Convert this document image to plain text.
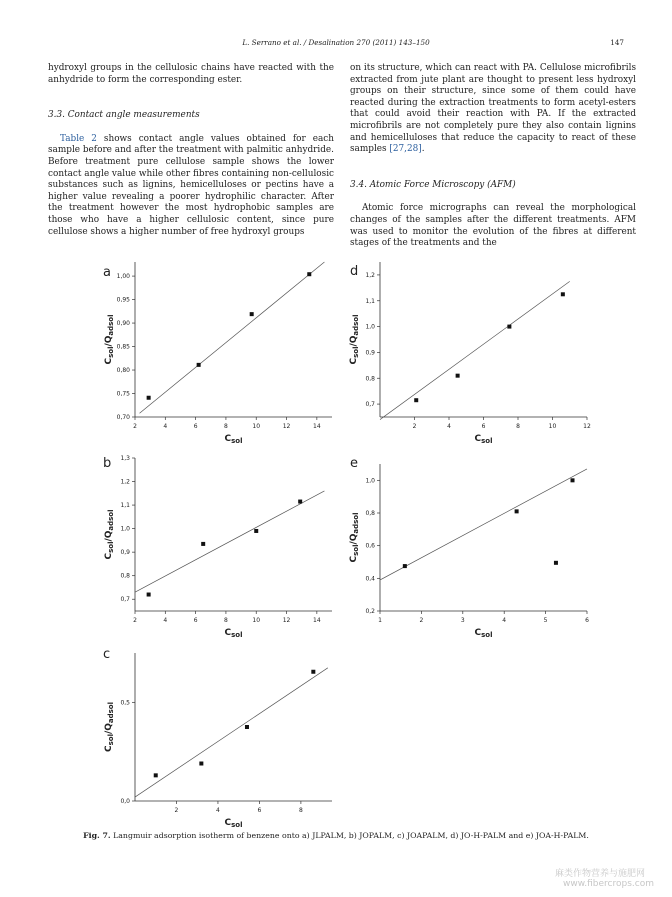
L. Serrano et al. / Desalination 270 (2011) 143–150	147

hydroxyl groups in the cellulosic chains have reacted with the anhydride to form the corresponding ester.

3.3. Contact angle measurements

Table 2 shows contact angle values obtained for each sample before and after the treatment with palmitic anhydride. Before treatment pure cellulose sample shows the lower contact angle value while other fibres containing non-cellulosic substances such as lignins, hemicelluloses or pectins have a higher value revealing a poorer hydrophilic character. After the treatment however the most hydrophobic samples are those who have a higher cellulosic content, since pure cellulose shows a higher number of free hydroxyl groups

on its structure, which can react with PA. Cellulose microfibrils extracted from jute plant are thought to present less hydroxyl groups on their structure, since some of them could have reacted during the extraction treatments to form acetyl-esters that could avoid their reaction with PA. If the extracted microfibrils are not completely pure they also contain lignins and hemicelluloses that reduce the capacity to react of these samples [27,28].

3.4. Atomic Force Microscopy (AFM)

Atomic force micrographs can reveal the morphological changes of the samples after the different treatments. AFM was used to monitor the evolution of the fibres at different stages of the treatments and the

a
2	4	6	8	10	12	14
0,70
0,75
0,80
0,85
0,90
0,95
1,00
$C_{sol}$
$C_{sol}/Q_{adsol}$
b
2	4	6	8	10	12	14
0,7
0,8
0,9
1,0
1,1
1,2
1,3
$C_{sol}$
$C_{sol}/Q_{adsol}$
c
2	4	6	8
0,0
0,5
$C_{sol}$
$C_{sol}/Q_{adsol}$
d
2	4	6	8	10	12
0,7
0,8
0,9
1,0
1,1
1,2
$C_{sol}$
$C_{sol}/Q_{adsol}$
e
1	2	3	4	5	6
0,2
0,4
0,6
0,8
1,0
$C_{sol}$
$C_{sol}/Q_{adsol}$
Fig. 7. Langmuir adsorption isotherm of benzene onto a) JLPALM, b) JOPALM, c) JOAPALM, d) JO-H-PALM and e) JOA-H-PALM.
麻类作物营养与施肥网
www.fibercrops.com
